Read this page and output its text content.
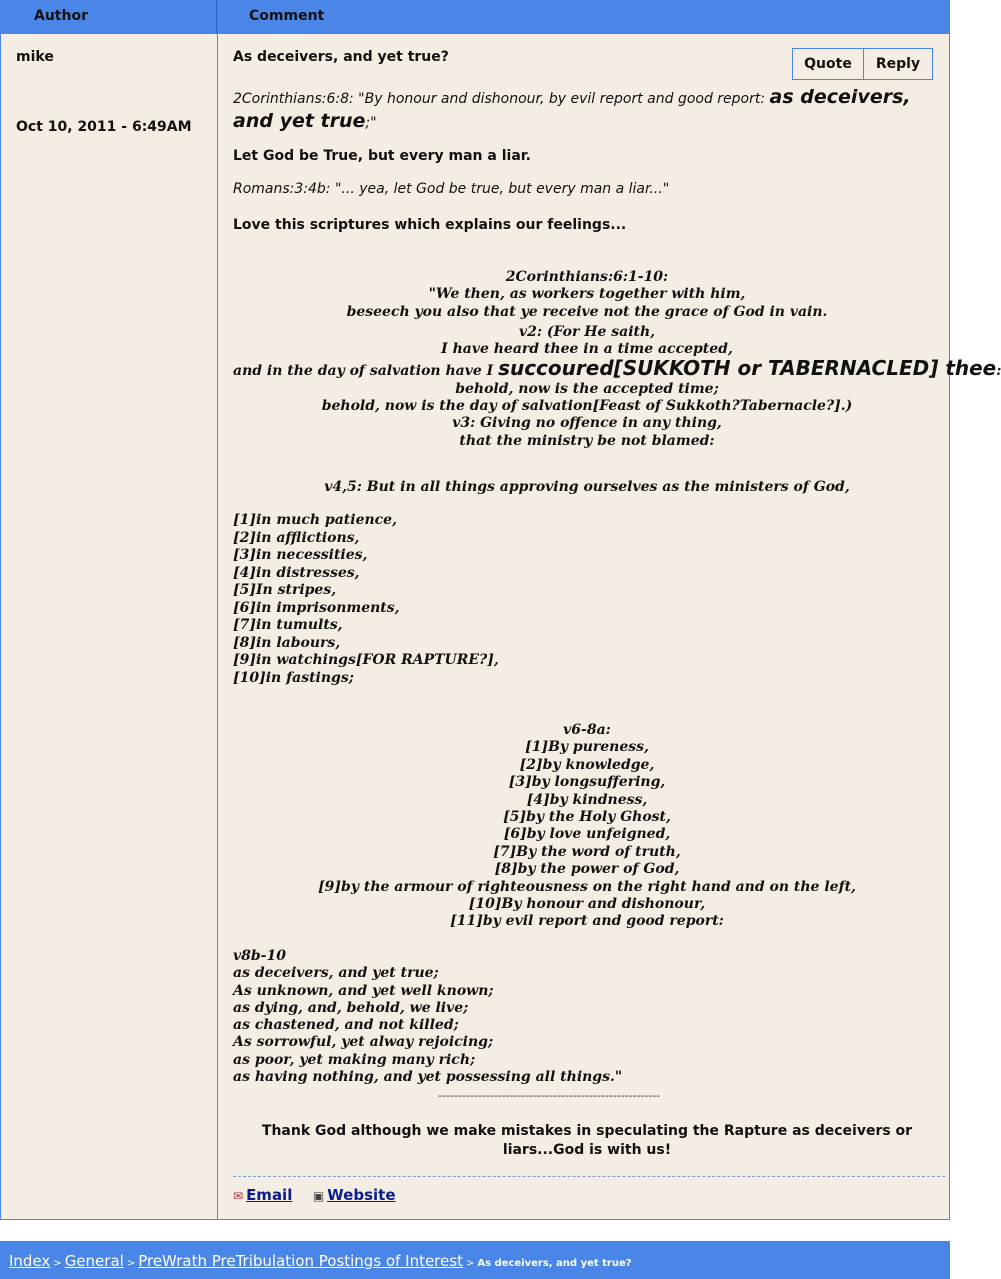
Author	Comment
mike
Oct 10, 2011 - 6:49AM
As deceivers, and yet true?	Quote	Reply
2Corinthians:6:8: "By honour and dishonour, by evil report and good report: as deceivers, and yet true;"
Let God be True, but every man a liar.
Romans:3:4b: "... yea, let God be true, but every man a liar..."
Love this scriptures which explains our feelings...
2Corinthians:6:1-10:
"We then, as workers together with him,
beseech you also that ye receive not the grace of God in vain.
v2: (For He saith,
I have heard thee in a time accepted,
and in the day of salvation have I succoured[SUKKOTH or TABERNACLED] thee:
behold, now is the accepted time;
behold, now is the day of salvation[Feast of Sukkoth?Tabernacle?].)
v3: Giving no offence in any thing,
that the ministry be not blamed:
v4,5: But in all things approving ourselves as the ministers of God,
[1]in much patience,
[2]in afflictions,
[3]in necessities,
[4]in distresses,
[5]In stripes,
[6]in imprisonments,
[7]in tumults,
[8]in labours,
[9]in watchings[FOR RAPTURE?],
[10]in fastings;
v6-8a:
[1]By pureness,
[2]by knowledge,
[3]by longsuffering,
[4]by kindness,
[5]by the Holy Ghost,
[6]by love unfeigned,
[7]By the word of truth,
[8]by the power of God,
[9]by the armour of righteousness on the right hand and on the left,
[10]By honour and dishonour,
[11]by evil report and good report:
v8b-10
as deceivers, and yet true;
As unknown, and yet well known;
as dying, and, behold, we live;
as chastened, and not killed;
As sorrowful, yet alway rejoicing;
as poor, yet making many rich;
as having nothing, and yet possessing all things."
--------------------------------------------------------
Thank God although we make mistakes in speculating the Rapture as deceivers or liars...God is with us!
✉ Email ▣ Website
Index > General > PreWrath PreTribulation Postings of Interest > As deceivers, and yet true?
